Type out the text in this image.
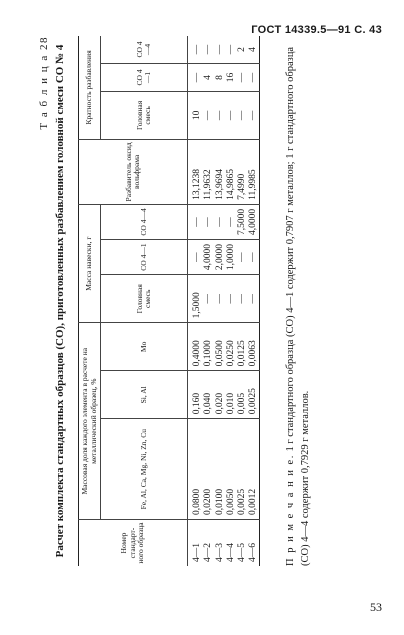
ГОСТ 14339.5—91 С. 43
Т а б л и ц а 28 Расчет комплекта стандартных образцов (СО), приготовленных разбавлением головной смеси СО № 4	Номер стандарт-ного образца	Массовая доля каждого элемента в расчете на металлический образец, %			Масса навески, г			Разбавитель оксид вольфрама	Кратность разбавления		
	Fe, Al, Ca, Mg, Ni, Zn, Cu	Si, Al	Mo	Головная смесь	СО 4—1	СО 4—4		Головная смесь	СО 4—1	СО 4—4
4—1	0,0800	0,160	0,4000	1,5000	—	—	13,1238	10	—	—
4—2	0,0200	0,040	0,1000	—	4,0000	—	11,9632	—	4	—
4—3	0,0100	0,020	0,0500	—	2,0000	—	13,9694	—	8	—
4—4	0,0050	0,010	0,0250	—	1,0000	—	14,9865	—	16	—
4—5	0,0025	0,005	0,0125	—	—	7,5000	7,4990	—	—	2
4—6	0,0012	0,0025	0,0063	—	—	4,0000	11,9985	—	—	4
П р и м е ч а н и е. 1 г стандартного образца (СО) 4—1 содержит 0,7907 г металлов; 1 г стандартного образца (СО) 4—4 содержит 0,7929 г металлов.
53
